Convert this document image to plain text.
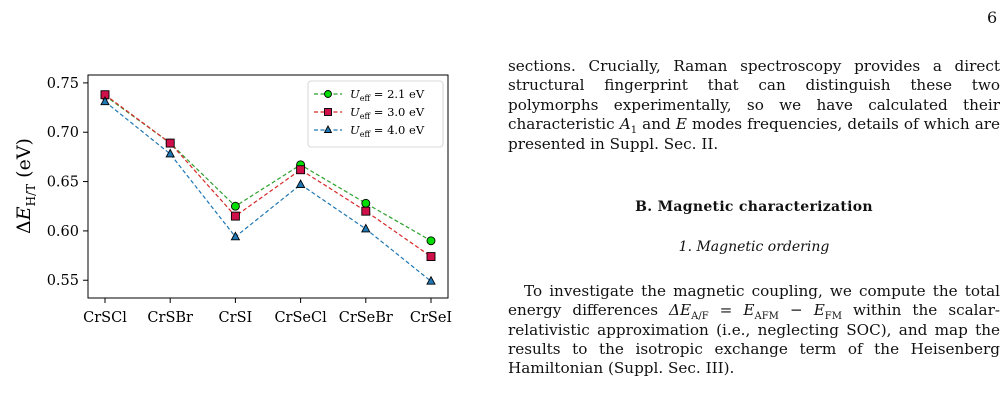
6
0.55
0.60
0.65
0.70
0.75
CrSCl CrSBr CrSI CrSeCl CrSeBr CrSeI
$\Delta E_{H/T}$ (eV)
$U_{eff} = 2.1$ eV
$U_{eff} = 3.0$ eV
$U_{eff} = 4.0$ eV

sections. Crucially, Raman spectroscopy provides a direct structural fingerprint that can distinguish these two polymorphs experimentally, so we have calculated their characteristic $A_1$ and E modes frequencies, details of which are presented in Suppl. Sec. II.

B. Magnetic characterization

1. Magnetic ordering

To investigate the magnetic coupling, we compute the total energy differences $\Delta E_{A/F} = E_{AFM} - E_{FM}$ within the scalar-relativistic approximation (i.e., neglecting SOC), and map the results to the isotropic exchange term of the Heisenberg Hamiltonian (Suppl. Sec. III).
